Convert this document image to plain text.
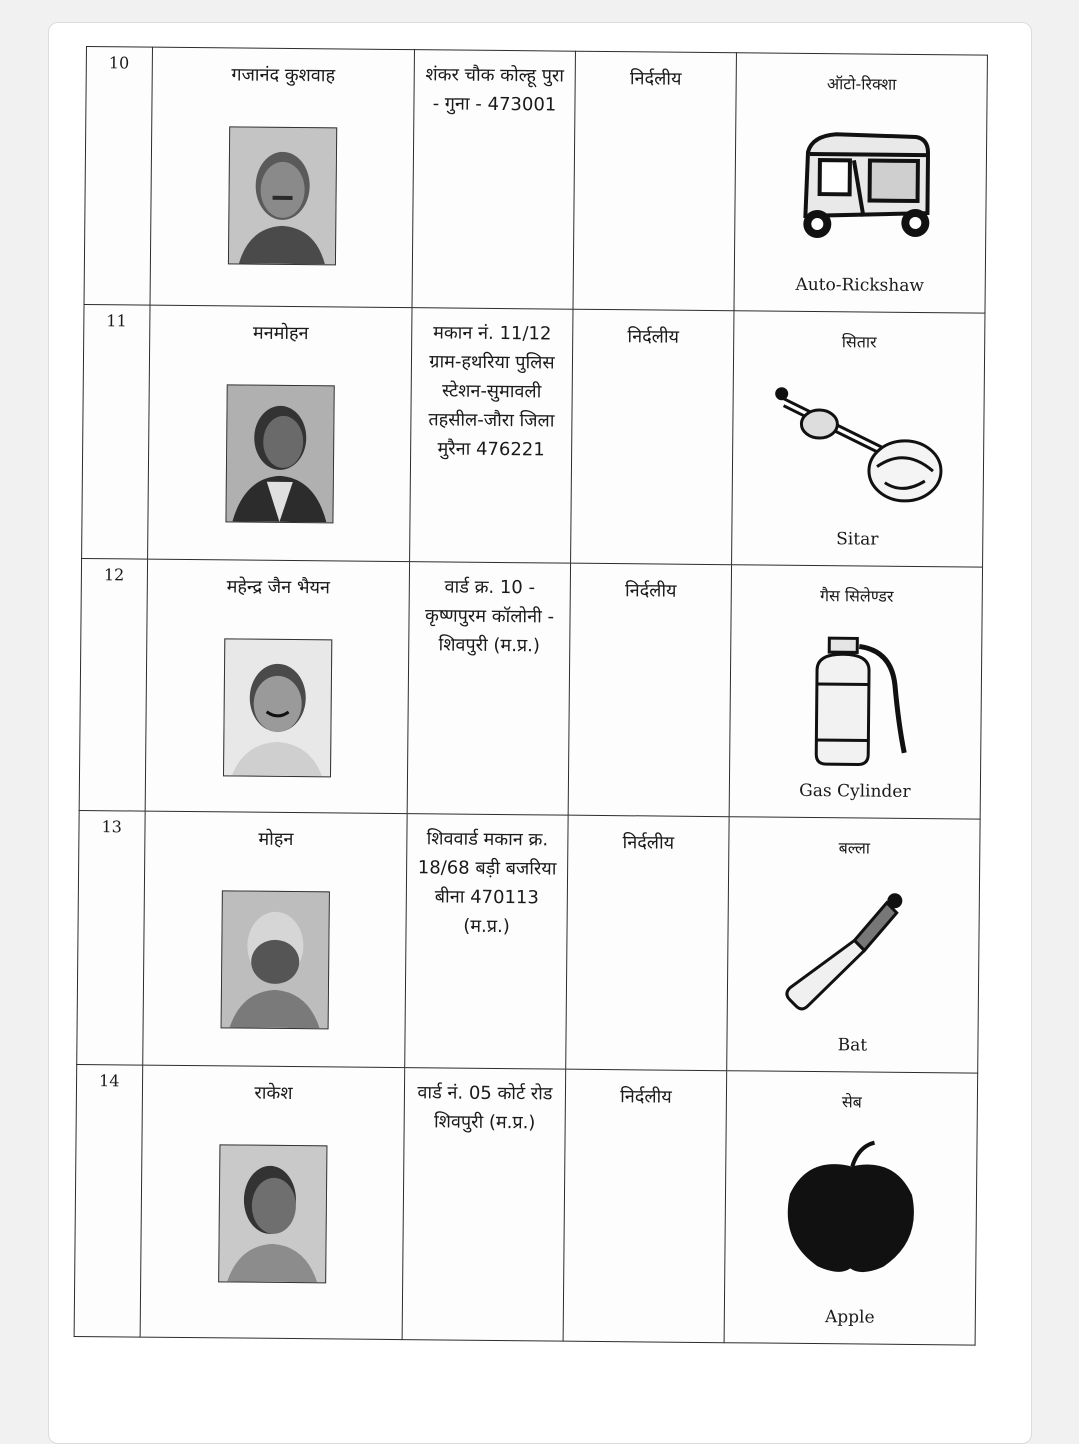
10	गजानंद कुशवाह	शंकर चौक कोल्हू पुरा - गुना - 473001	निर्दलीय	ऑटो-रिक्शा
Auto-Rickshaw

11	मनमोहन	मकान नं. 11/12 ग्राम-हथरिया पुलिस स्टेशन-सुमावली तहसील-जौरा जिला मुरैना 476221	निर्दलीय	सितार
Sitar

12	महेन्द्र जैन भैयन	वार्ड क्र. 10 - कृष्णपुरम कॉलोनी - शिवपुरी (म.प्र.)	निर्दलीय	गैस सिलेण्डर
Gas Cylinder

13	मोहन	शिववार्ड मकान क्र. 18/68 बड़ी बजरिया बीना 470113 (म.प्र.)	निर्दलीय	बल्ला
Bat

14	राकेश	वार्ड नं. 05 कोर्ट रोड शिवपुरी (म.प्र.)	निर्दलीय	सेब
Apple
